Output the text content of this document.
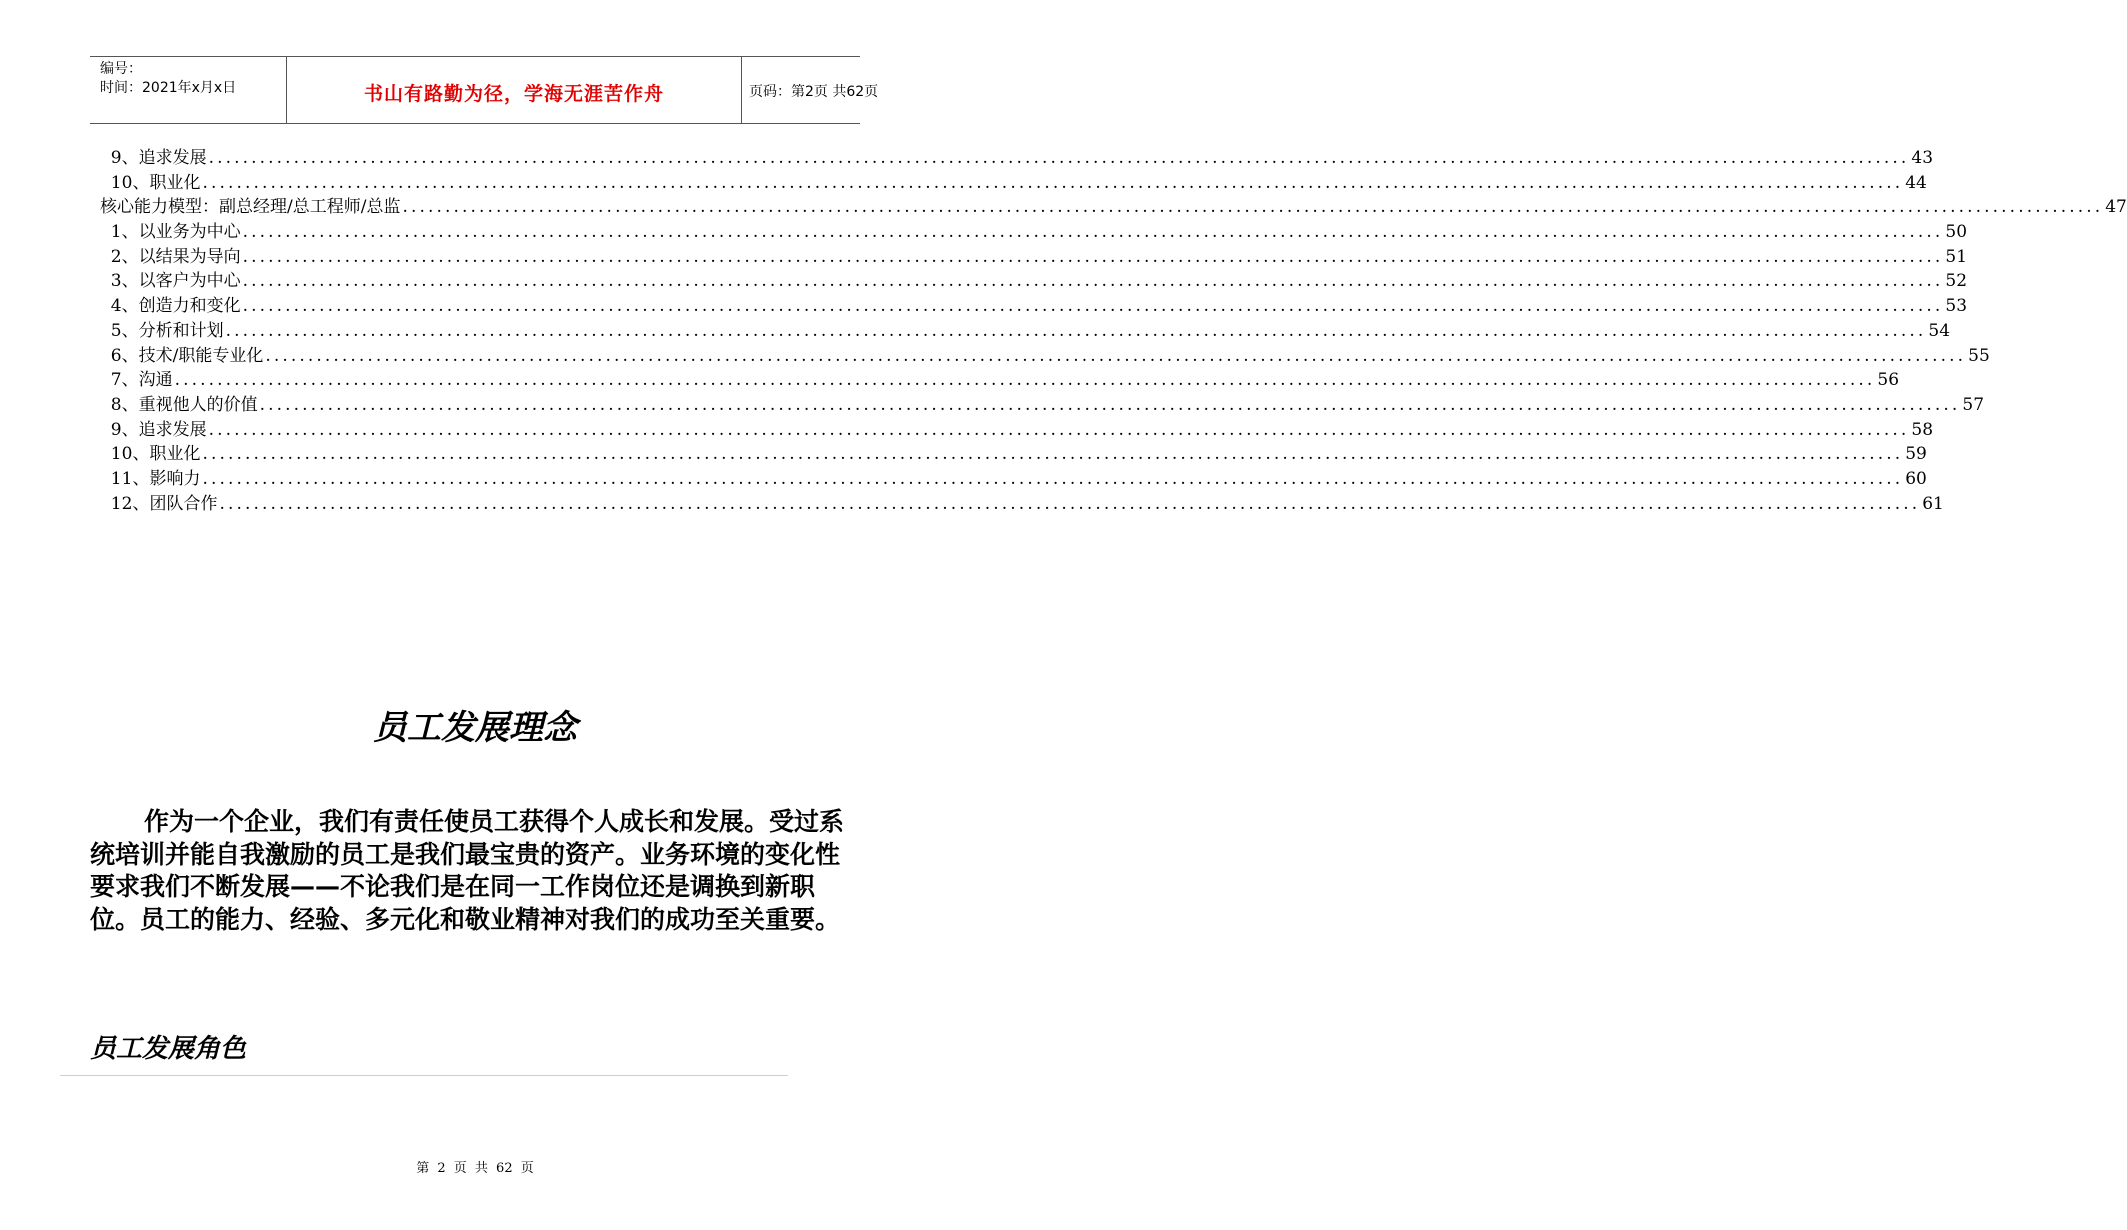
编号：
时间：2021年x月x日	书山有路勤为径，学海无涯苦作舟	页码：第2页 共62页
9、追求发展 ........................................................................................................................................................................................................ 43
10、职业化 ........................................................................................................................................................................................................ 44
核心能力模型：副总经理/总工程师/总监 ........................................................................................................................................................................................................ 47
1、以业务为中心 ........................................................................................................................................................................................................ 50
2、以结果为导向 ........................................................................................................................................................................................................ 51
3、以客户为中心 ........................................................................................................................................................................................................ 52
4、创造力和变化 ........................................................................................................................................................................................................ 53
5、分析和计划 ........................................................................................................................................................................................................ 54
6、技术/职能专业化 ........................................................................................................................................................................................................ 55
7、沟通 ........................................................................................................................................................................................................ 56
8、重视他人的价值 ........................................................................................................................................................................................................ 57
9、追求发展 ........................................................................................................................................................................................................ 58
10、职业化 ........................................................................................................................................................................................................ 59
11、影响力 ........................................................................................................................................................................................................ 60
12、团队合作 ........................................................................................................................................................................................................ 61
员工发展理念

作为一个企业，我们有责任使员工获得个人成长和发展。受过系统培训并能自我激励的员工是我们最宝贵的资产。业务环境的变化性要求我们不断发展——不论我们是在同一工作岗位还是调换到新职位。员工的能力、经验、多元化和敬业精神对我们的成功至关重要。

员工发展角色
第 2 页 共 62 页
